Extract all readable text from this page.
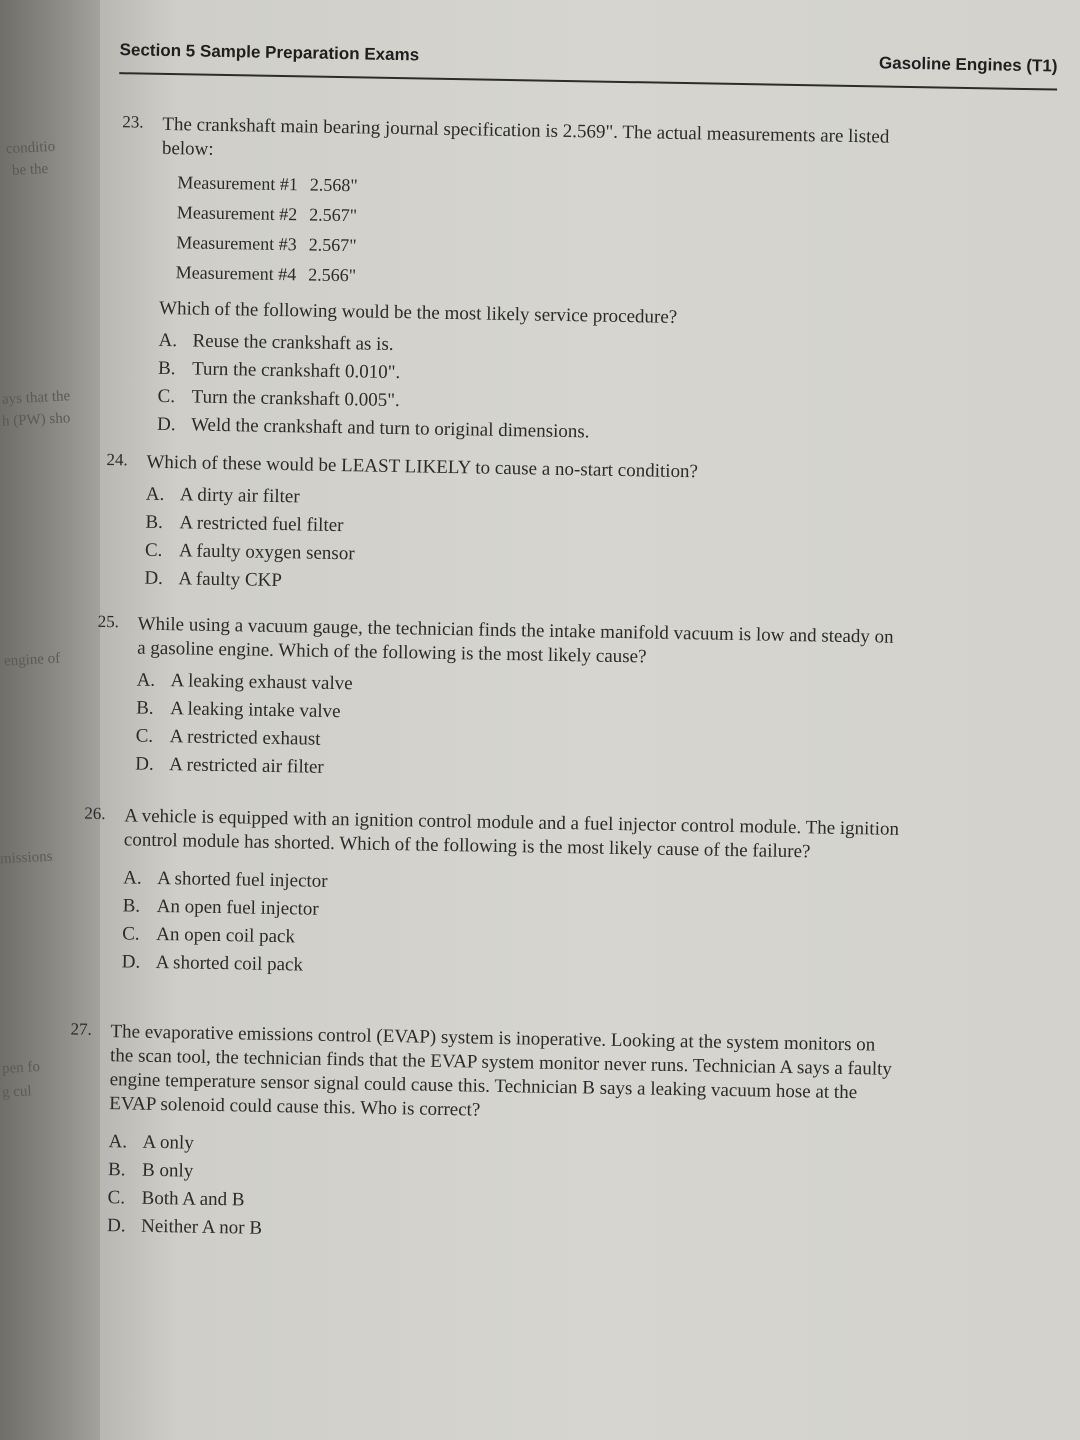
conditio
be the
ays that the
h (PW) sho
engine of
missions
pen fo
g cul
Section 5 Sample Preparation Exams
Gasoline Engines (T1)
23. The crankshaft main bearing journal specification is 2.569". The actual measurements are listed below:
Measurement #1 2.568"
Measurement #2 2.567"
Measurement #3 2.567"
Measurement #4 2.566"
Which of the following would be the most likely service procedure?
A. Reuse the crankshaft as is.
B. Turn the crankshaft 0.010".
C. Turn the crankshaft 0.005".
D. Weld the crankshaft and turn to original dimensions.
24. Which of these would be LEAST LIKELY to cause a no-start condition?
A. A dirty air filter
B. A restricted fuel filter
C. A faulty oxygen sensor
D. A faulty CKP
25. While using a vacuum gauge, the technician finds the intake manifold vacuum is low and steady on a gasoline engine. Which of the following is the most likely cause?
A. A leaking exhaust valve
B. A leaking intake valve
C. A restricted exhaust
D. A restricted air filter
26. A vehicle is equipped with an ignition control module and a fuel injector control module. The ignition control module has shorted. Which of the following is the most likely cause of the failure?
A. A shorted fuel injector
B. An open fuel injector
C. An open coil pack
D. A shorted coil pack
27. The evaporative emissions control (EVAP) system is inoperative. Looking at the system monitors on the scan tool, the technician finds that the EVAP system monitor never runs. Technician A says a faulty engine temperature sensor signal could cause this. Technician B says a leaking vacuum hose at the EVAP solenoid could cause this. Who is correct?
A. A only
B. B only
C. Both A and B
D. Neither A nor B
